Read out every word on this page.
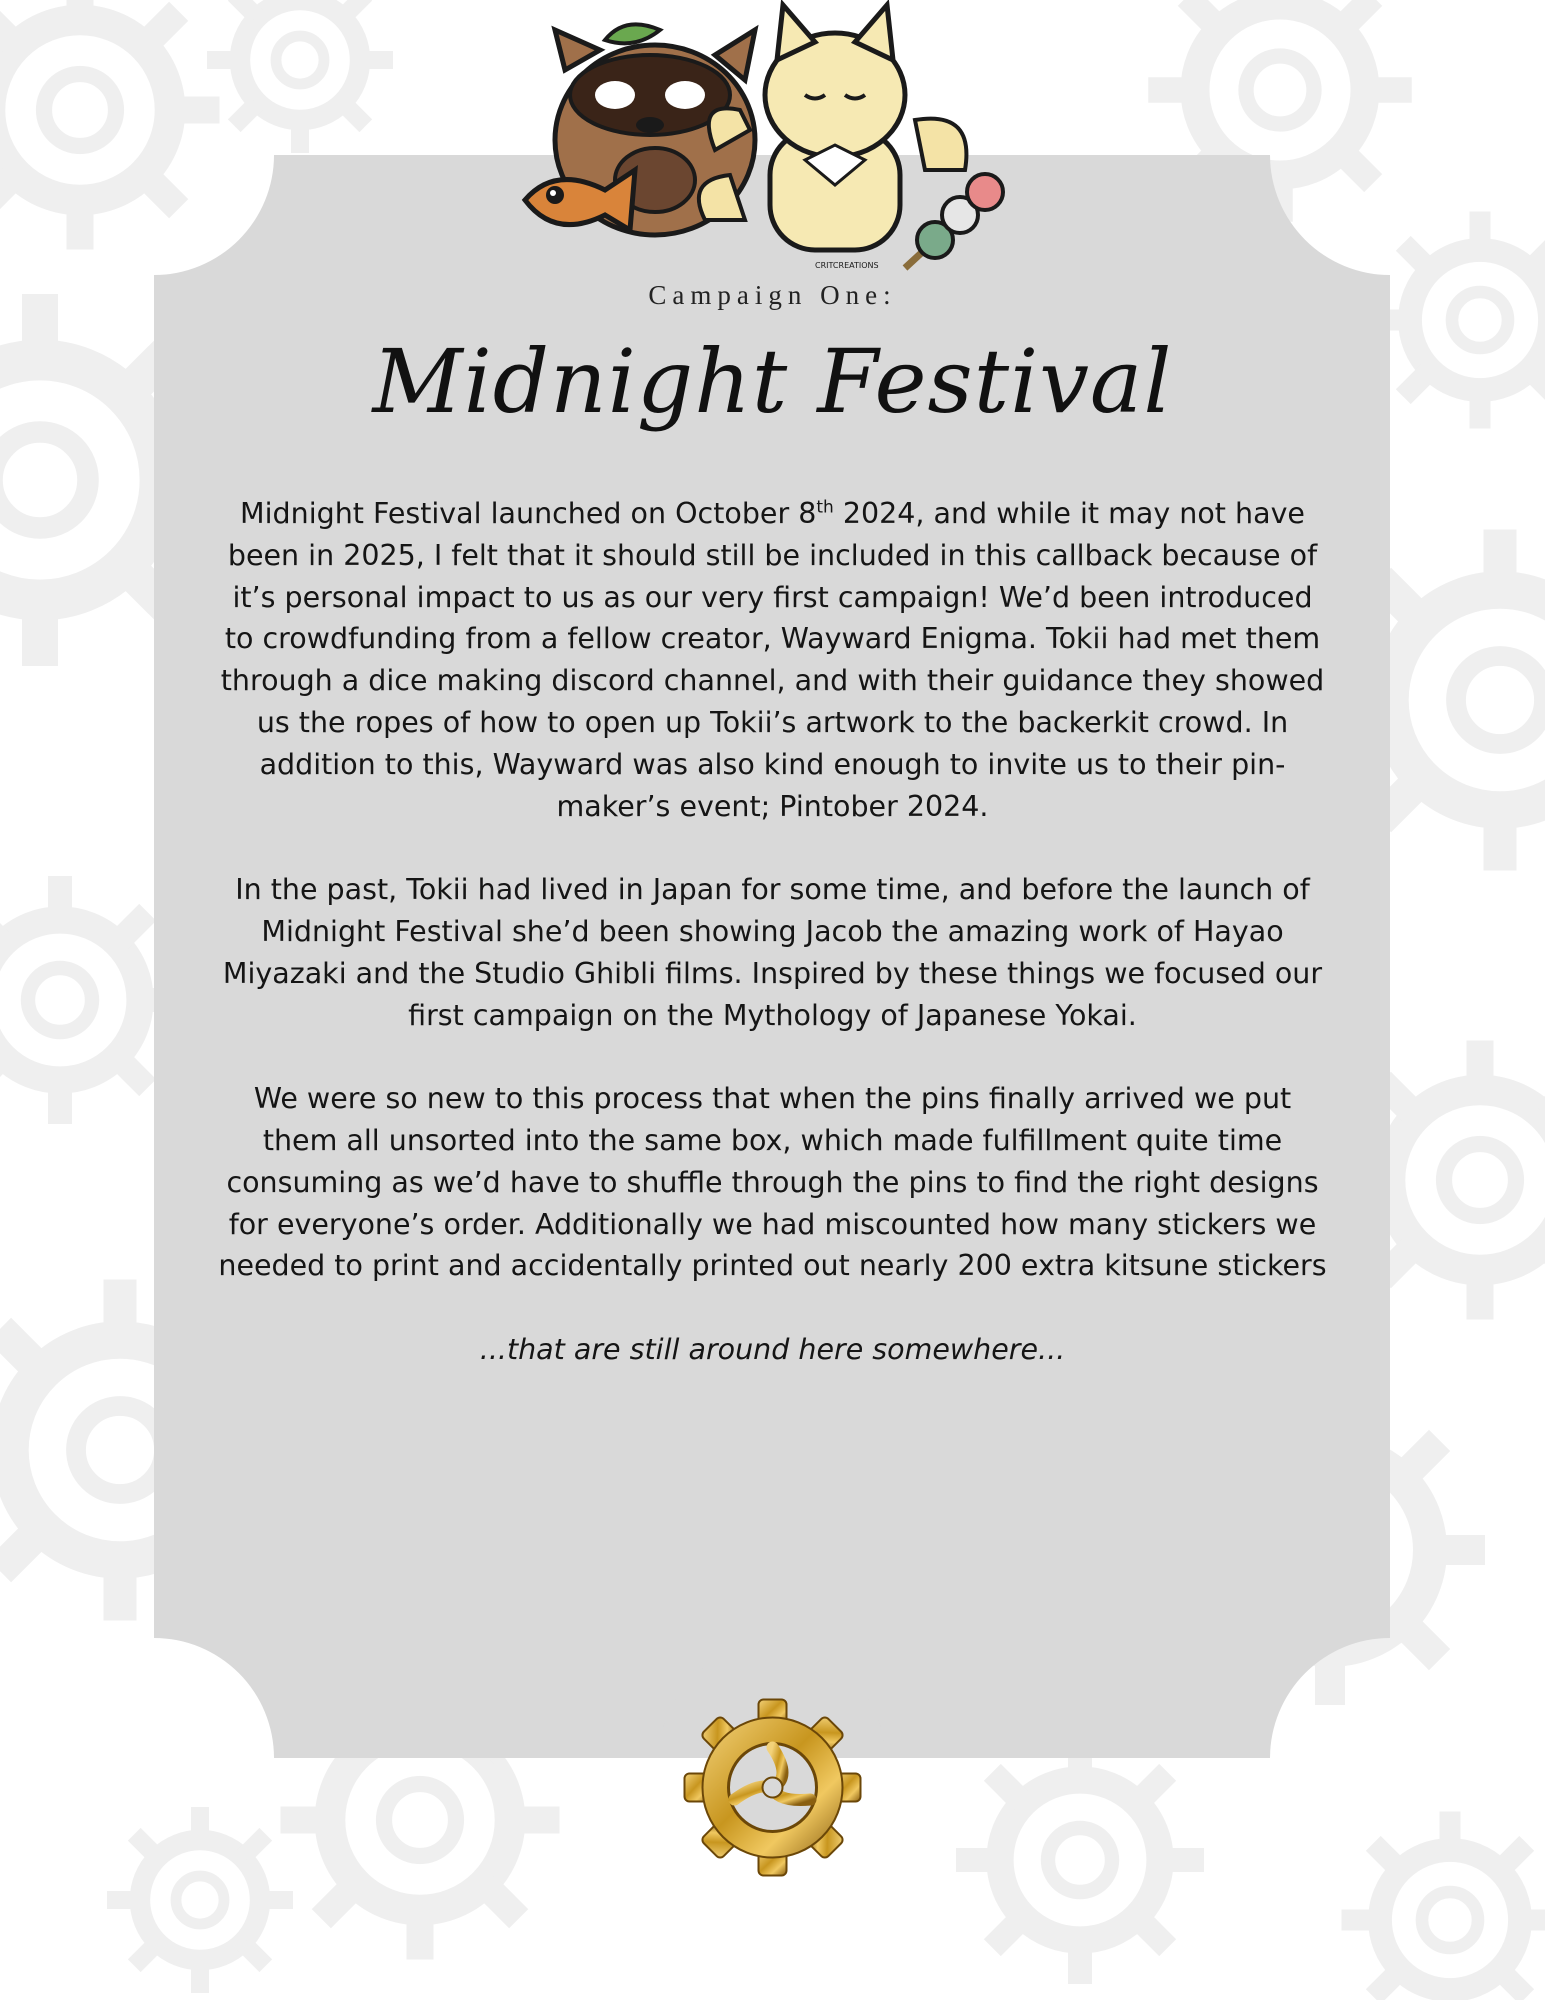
CRITCREATIONS
Campaign One:
Midnight Festival

Midnight Festival launched on October 8th 2024, and while it may not have been in 2025, I felt that it should still be included in this callback because of it’s personal impact to us as our very first campaign! We’d been introduced to crowdfunding from a fellow creator, Wayward Enigma. Tokii had met them through a dice making discord channel, and with their guidance they showed us the ropes of how to open up Tokii’s artwork to the backerkit crowd. In addition to this, Wayward was also kind enough to invite us to their pin-maker’s event; Pintober 2024.

In the past, Tokii had lived in Japan for some time, and before the launch of Midnight Festival she’d been showing Jacob the amazing work of Hayao Miyazaki and the Studio Ghibli films. Inspired by these things we focused our first campaign on the Mythology of Japanese Yokai.

We were so new to this process that when the pins finally arrived we put them all unsorted into the same box, which made fulfillment quite time consuming as we’d have to shuffle through the pins to find the right designs for everyone’s order. Additionally we had miscounted how many stickers we needed to print and accidentally printed out nearly 200 extra kitsune stickers

...that are still around here somewhere...
